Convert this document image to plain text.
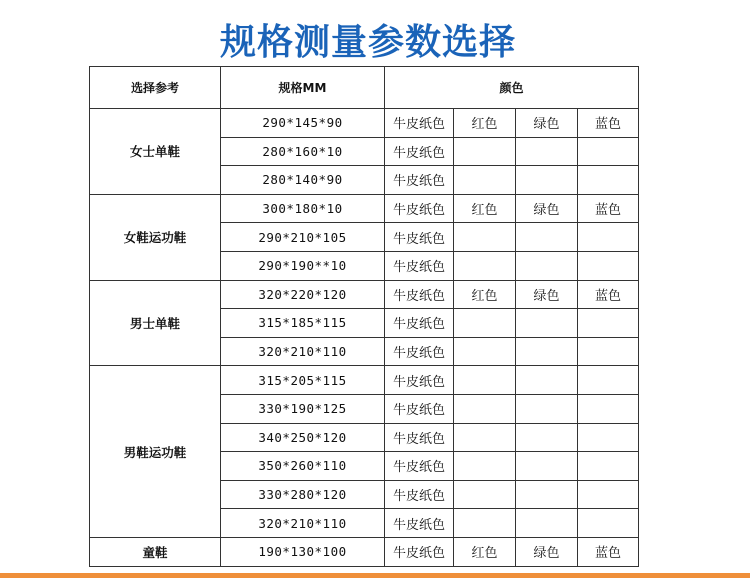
规格测量参数选择
选择参考	规格MM	颜色			
女士单鞋	290*145*90	牛皮纸色	红色	绿色	蓝色
	280*160*10	牛皮纸色			
	280*140*90	牛皮纸色			
女鞋运功鞋	300*180*10	牛皮纸色	红色	绿色	蓝色
	290*210*105	牛皮纸色			
	290*190**10	牛皮纸色			
男士单鞋	320*220*120	牛皮纸色	红色	绿色	蓝色
	315*185*115	牛皮纸色			
	320*210*110	牛皮纸色			
男鞋运功鞋	315*205*115	牛皮纸色			
	330*190*125	牛皮纸色			
	340*250*120	牛皮纸色			
	350*260*110	牛皮纸色			
	330*280*120	牛皮纸色			
	320*210*110	牛皮纸色			
童鞋	190*130*100	牛皮纸色	红色	绿色	蓝色
